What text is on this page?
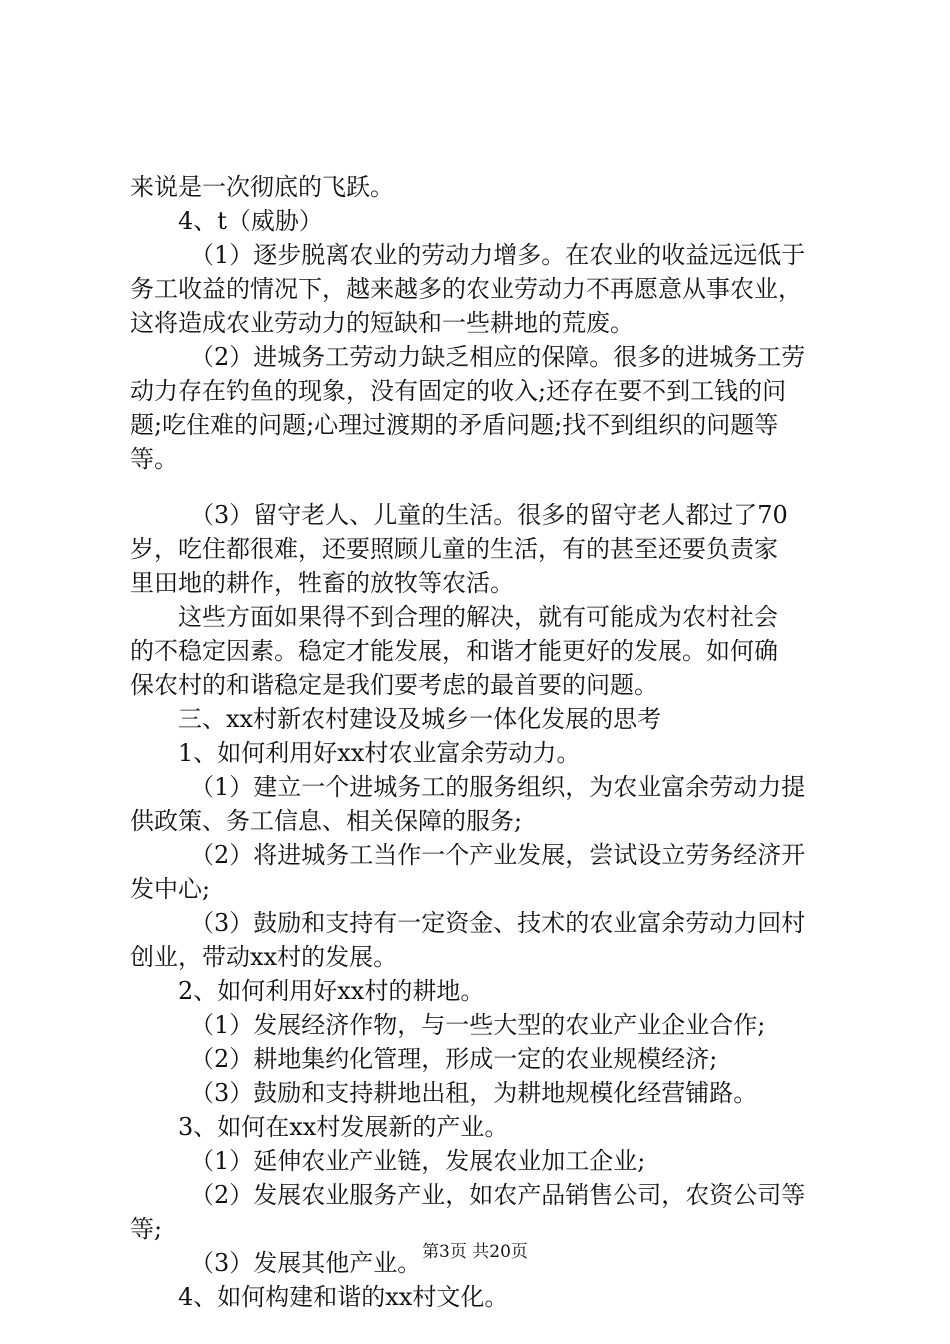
来说是一次彻底的飞跃。
4、t（威胁）
（1）逐步脱离农业的劳动力增多。在农业的收益远远低于
务工收益的情况下，越来越多的农业劳动力不再愿意从事农业，
这将造成农业劳动力的短缺和一些耕地的荒废。
（2）进城务工劳动力缺乏相应的保障。很多的进城务工劳
动力存在钓鱼的现象，没有固定的收入;还存在要不到工钱的问
题;吃住难的问题;心理过渡期的矛盾问题;找不到组织的问题等
等。
（3）留守老人、儿童的生活。很多的留守老人都过了70
岁，吃住都很难，还要照顾儿童的生活，有的甚至还要负责家
里田地的耕作，牲畜的放牧等农活。
这些方面如果得不到合理的解决，就有可能成为农村社会
的不稳定因素。稳定才能发展，和谐才能更好的发展。如何确
保农村的和谐稳定是我们要考虑的最首要的问题。
三、xx村新农村建设及城乡一体化发展的思考
1、如何利用好xx村农业富余劳动力。
（1）建立一个进城务工的服务组织，为农业富余劳动力提
供政策、务工信息、相关保障的服务;
（2）将进城务工当作一个产业发展，尝试设立劳务经济开
发中心;
（3）鼓励和支持有一定资金、技术的农业富余劳动力回村
创业，带动xx村的发展。
2、如何利用好xx村的耕地。
（1）发展经济作物，与一些大型的农业产业企业合作;
（2）耕地集约化管理，形成一定的农业规模经济;
（3）鼓励和支持耕地出租，为耕地规模化经营铺路。
3、如何在xx村发展新的产业。
（1）延伸农业产业链，发展农业加工企业;
（2）发展农业服务产业，如农产品销售公司，农资公司等
等;
（3）发展其他产业。
4、如何构建和谐的xx村文化。
第3页 共20页
